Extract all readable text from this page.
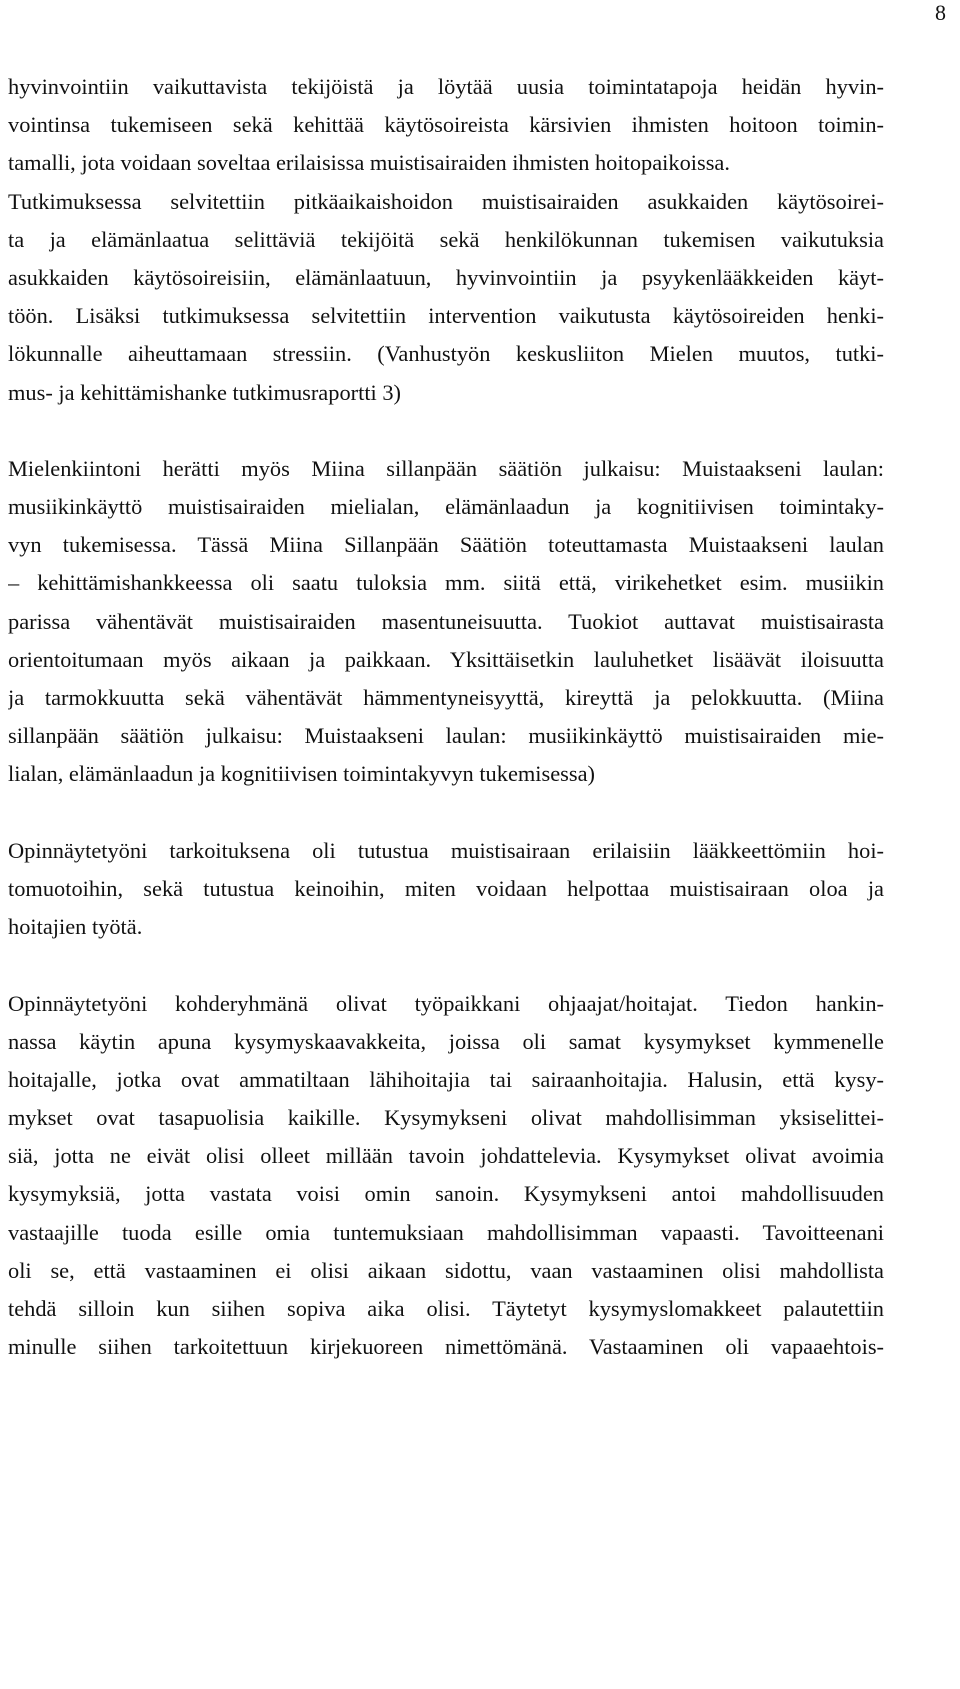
8
hyvinvointiin vaikuttavista tekijöistä ja löytää uusia toimintatapoja heidän hyvin-
vointinsa tukemiseen sekä kehittää käytösoireista kärsivien ihmisten hoitoon toimin-
tamalli, jota voidaan soveltaa erilaisissa muistisairaiden ihmisten hoitopaikoissa.
Tutkimuksessa selvitettiin pitkäaikaishoidon muistisairaiden asukkaiden käytösoirei-
ta ja elämänlaatua selittäviä tekijöitä sekä henkilökunnan tukemisen vaikutuksia
asukkaiden käytösoireisiin, elämänlaatuun, hyvinvointiin ja psyykenlääkkeiden käyt-
töön. Lisäksi tutkimuksessa selvitettiin intervention vaikutusta käytösoireiden henki-
lökunnalle aiheuttamaan stressiin. (Vanhustyön keskusliiton Mielen muutos, tutki-
mus- ja kehittämishanke tutkimusraportti 3)
Mielenkiintoni herätti myös Miina sillanpään säätiön julkaisu: Muistaakseni laulan:
musiikinkäyttö muistisairaiden mielialan, elämänlaadun ja kognitiivisen toimintaky-
vyn tukemisessa. Tässä Miina Sillanpään Säätiön toteuttamasta Muistaakseni laulan
– kehittämishankkeessa oli saatu tuloksia mm. siitä että, virikehetket esim. musiikin
parissa vähentävät muistisairaiden masentuneisuutta. Tuokiot auttavat muistisairasta
orientoitumaan myös aikaan ja paikkaan. Yksittäisetkin lauluhetket lisäävät iloisuutta
ja tarmokkuutta sekä vähentävät hämmentyneisyyttä, kireyttä ja pelokkuutta. (Miina
sillanpään säätiön julkaisu: Muistaakseni laulan: musiikinkäyttö muistisairaiden mie-
lialan, elämänlaadun ja kognitiivisen toimintakyvyn tukemisessa)
Opinnäytetyöni tarkoituksena oli tutustua muistisairaan erilaisiin lääkkeettömiin hoi-
tomuotoihin, sekä tutustua keinoihin, miten voidaan helpottaa muistisairaan oloa ja
hoitajien työtä.
Opinnäytetyöni kohderyhmänä olivat työpaikkani ohjaajat/hoitajat. Tiedon hankin-
nassa käytin apuna kysymyskaavakkeita, joissa oli samat kysymykset kymmenelle
hoitajalle, jotka ovat ammatiltaan lähihoitajia tai sairaanhoitajia. Halusin, että kysy-
mykset ovat tasapuolisia kaikille. Kysymykseni olivat mahdollisimman yksiselittei-
siä, jotta ne eivät olisi olleet millään tavoin johdattelevia. Kysymykset olivat avoimia
kysymyksiä, jotta vastata voisi omin sanoin. Kysymykseni antoi mahdollisuuden
vastaajille tuoda esille omia tuntemuksiaan mahdollisimman vapaasti. Tavoitteenani
oli se, että vastaaminen ei olisi aikaan sidottu, vaan vastaaminen olisi mahdollista
tehdä silloin kun siihen sopiva aika olisi. Täytetyt kysymyslomakkeet palautettiin
minulle siihen tarkoitettuun kirjekuoreen nimettömänä. Vastaaminen oli vapaaehtois-
